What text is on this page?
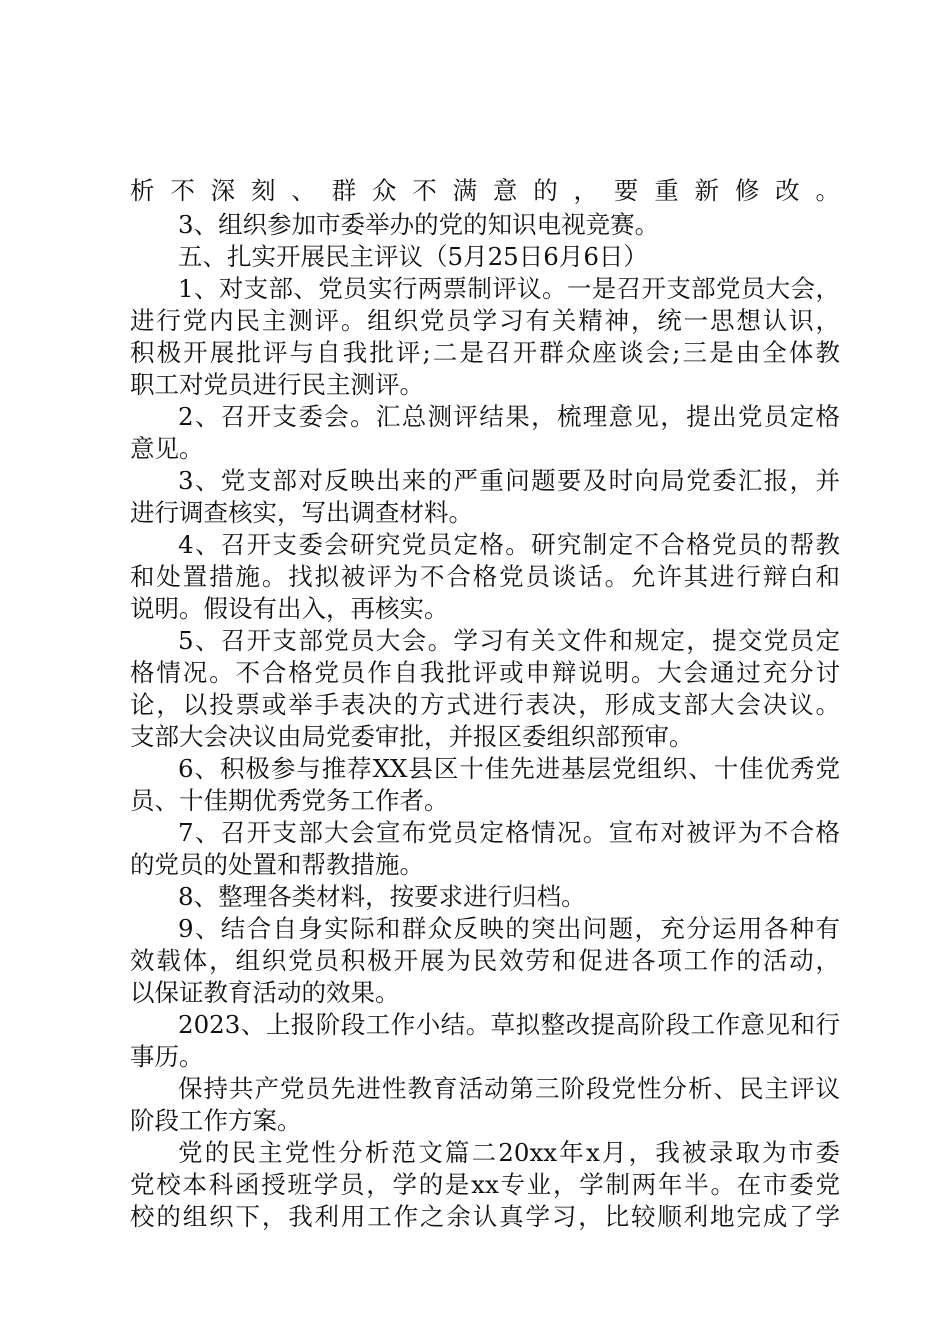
析不深刻、群众不满意的，要重新修改。

3、组织参加市委举办的党的知识电视竞赛。

五、扎实开展民主评议（5月25日6月6日）

1、对支部、党员实行两票制评议。一是召开支部党员大会，

进行党内民主测评。组织党员学习有关精神，统一思想认识，

积极开展批评与自我批评;二是召开群众座谈会;三是由全体教

职工对党员进行民主测评。

2、召开支委会。汇总测评结果，梳理意见，提出党员定格

意见。

3、党支部对反映出来的严重问题要及时向局党委汇报，并

进行调查核实，写出调查材料。

4、召开支委会研究党员定格。研究制定不合格党员的帮教

和处置措施。找拟被评为不合格党员谈话。允许其进行辩白和

说明。假设有出入，再核实。

5、召开支部党员大会。学习有关文件和规定，提交党员定

格情况。不合格党员作自我批评或申辩说明。大会通过充分讨

论，以投票或举手表决的方式进行表决，形成支部大会决议。

支部大会决议由局党委审批，并报区委组织部预审。

6、积极参与推荐XX县区十佳先进基层党组织、十佳优秀党

员、十佳期优秀党务工作者。

7、召开支部大会宣布党员定格情况。宣布对被评为不合格

的党员的处置和帮教措施。

8、整理各类材料，按要求进行归档。

9、结合自身实际和群众反映的突出问题，充分运用各种有

效载体，组织党员积极开展为民效劳和促进各项工作的活动，

以保证教育活动的效果。

2023、上报阶段工作小结。草拟整改提高阶段工作意见和行

事历。

保持共产党员先进性教育活动第三阶段党性分析、民主评议

阶段工作方案。

党的民主党性分析范文篇二20xx年x月，我被录取为市委

党校本科函授班学员，学的是xx专业，学制两年半。在市委党

校的组织下，我利用工作之余认真学习，比较顺利地完成了学
